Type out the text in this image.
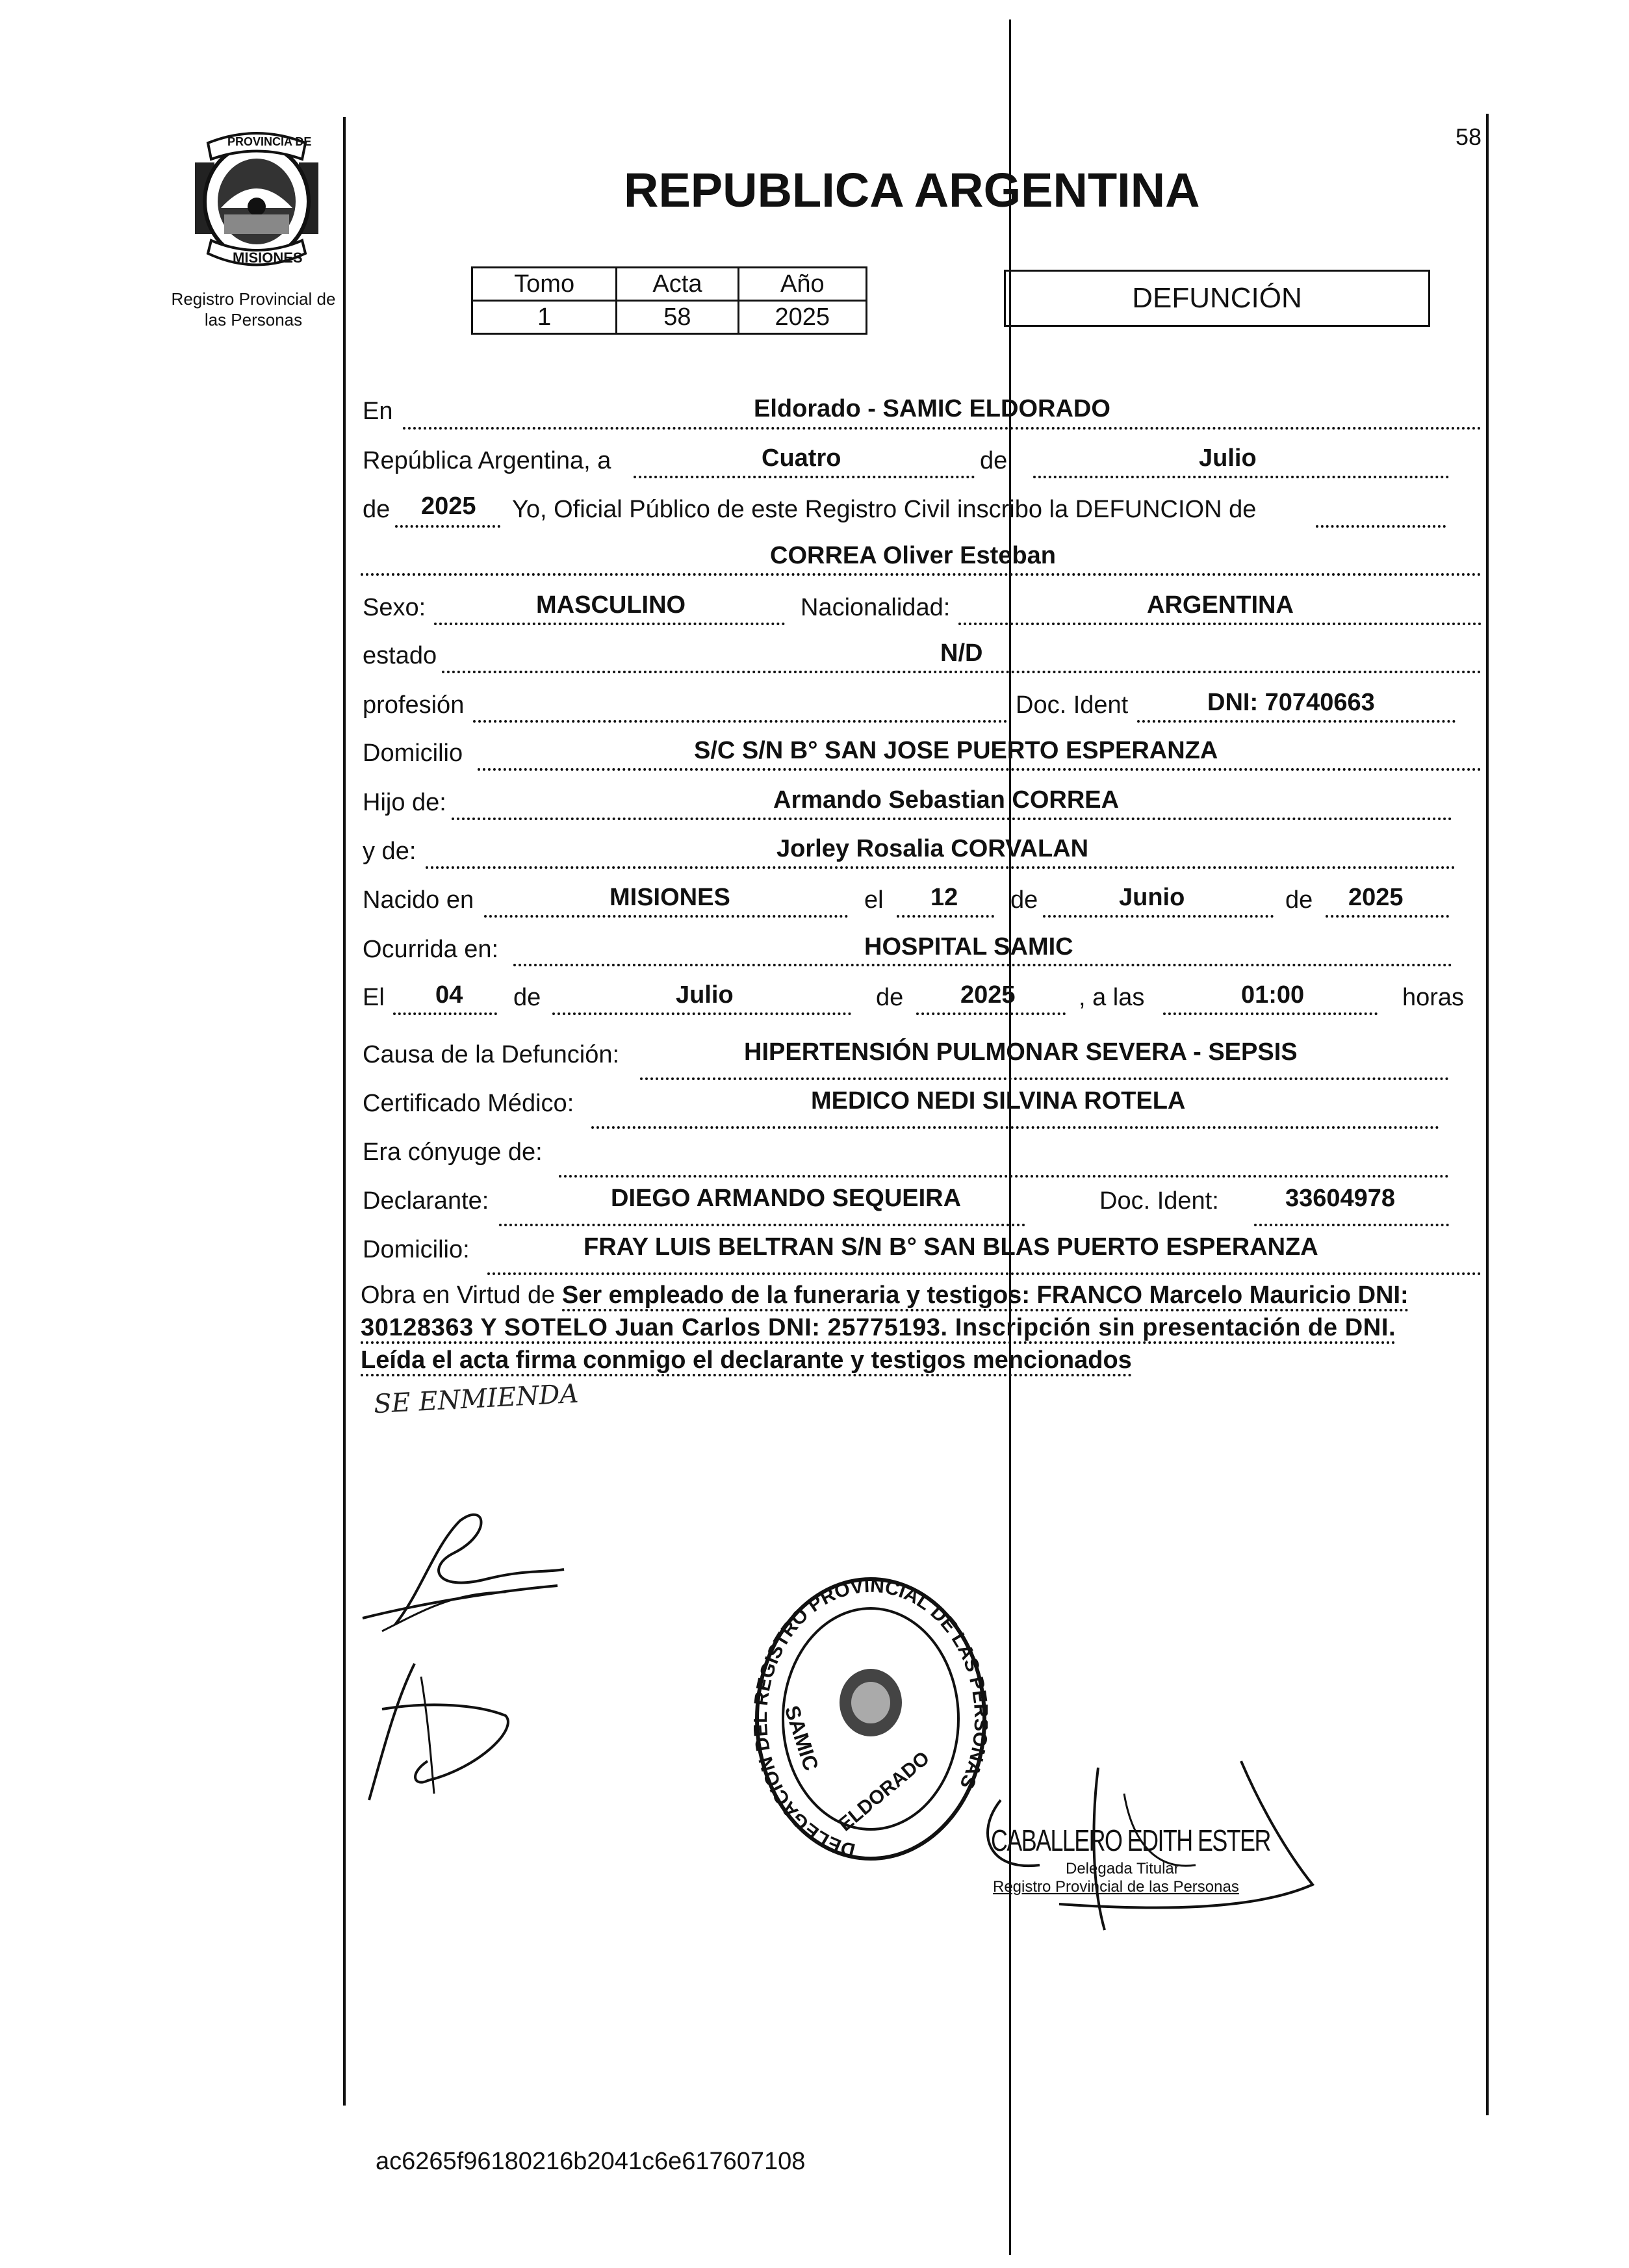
58
PROVINCIA DE
MISIONES
Registro Provincial de
las Personas
REPUBLICA ARGENTINA
Tomo	Acta	Año
1	58	2025
DEFUNCIÓN
En	Eldorado - SAMIC ELDORADO
República Argentina, a	Cuatro	de	Julio
de 2025 Yo, Oficial Público de este Registro Civil inscribo la DEFUNCION de
CORREA Oliver Esteban
Sexo:	MASCULINO	Nacionalidad:	ARGENTINA
estado	N/D
profesión	Doc. Ident	DNI: 70740663
Domicilio	S/C S/N B° SAN JOSE PUERTO ESPERANZA
Hijo de:	Armando Sebastian CORREA
y de:	Jorley Rosalia CORVALAN
Nacido en	MISIONES	el 12 de	Junio	de 2025
Ocurrida en:	HOSPITAL SAMIC
El 04 de	Julio	de 2025	, a las	01:00	horas
Causa de la Defunción:	HIPERTENSIÓN PULMONAR SEVERA - SEPSIS
Certificado Médico:	MEDICO NEDI SILVINA ROTELA
Era cónyuge de:
Declarante:	DIEGO ARMANDO SEQUEIRA	Doc. Ident:	33604978
Domicilio:	FRAY LUIS BELTRAN S/N B° SAN BLAS PUERTO ESPERANZA
Obra en Virtud de Ser empleado de la funeraria y testigos: FRANCO Marcelo Mauricio DNI:
30128363 Y SOTELO Juan Carlos DNI: 25775193. Inscripción sin presentación de DNI.
Leída el acta firma conmigo el declarante y testigos mencionados
SE ENMIENDA
DELEGACION EGISTRO PROVINCIAL DE LAS P NAS
SAMIC
ELDORADO
CABALLERO EDITH ESTER
Delegada Titular
Registro Provincial de las Personas
ac6265f96180216b2041c6e617607108
